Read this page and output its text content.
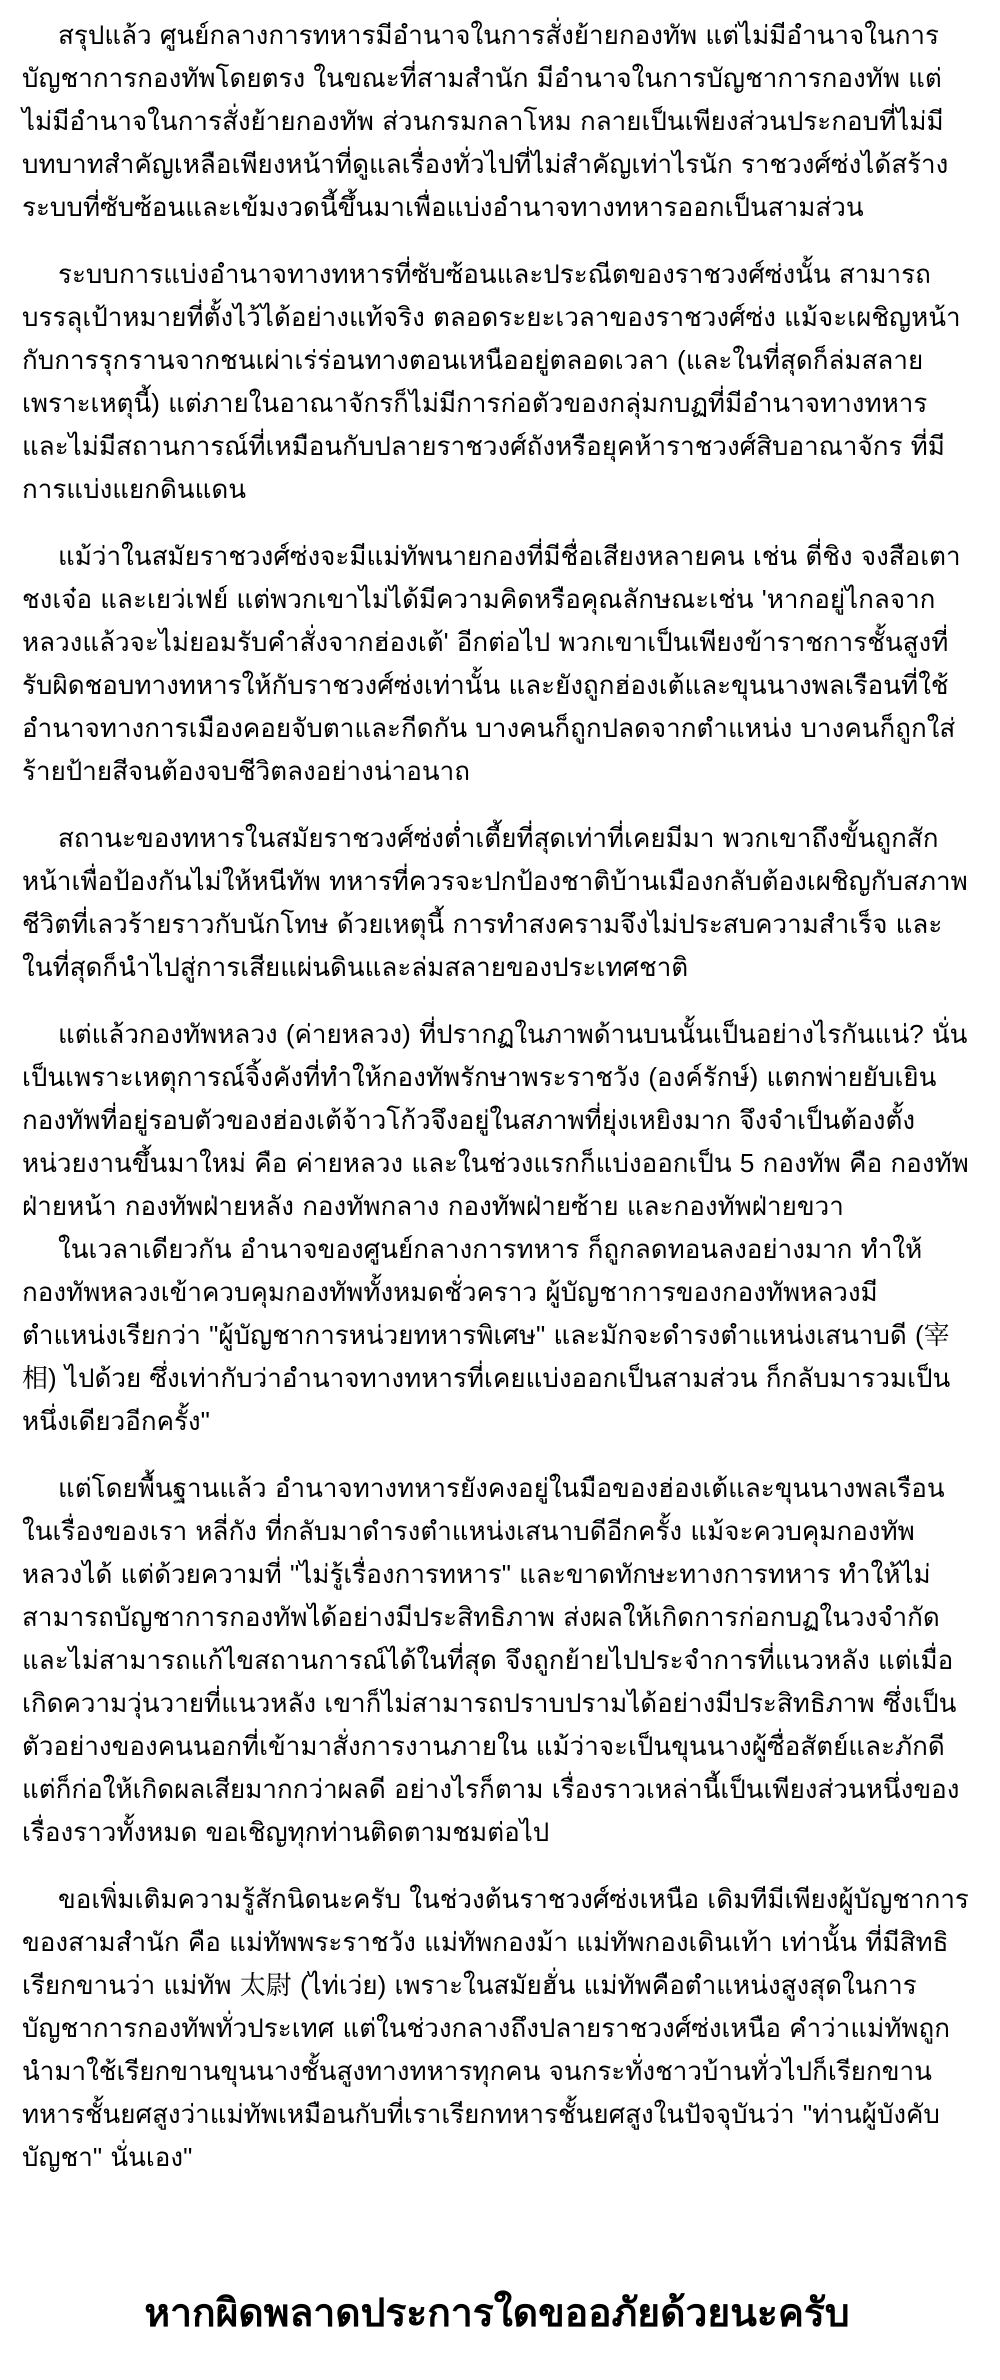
สรุปแล้ว ศูนย์กลางการทหารมีอำนาจในการสั่งย้ายกองทัพ แต่ไม่มีอำนาจในการบัญชาการกองทัพโดยตรง ในขณะที่สามสำนัก มีอำนาจในการบัญชาการกองทัพ แต่ไม่มีอำนาจในการสั่งย้ายกองทัพ ส่วนกรมกลาโหม กลายเป็นเพียงส่วนประกอบที่ไม่มีบทบาทสำคัญเหลือเพียงหน้าที่ดูแลเรื่องทั่วไปที่ไม่สำคัญเท่าไรนัก ราชวงศ์ซ่งได้สร้างระบบที่ซับซ้อนและเข้มงวดนี้ขึ้นมาเพื่อแบ่งอำนาจทางทหารออกเป็นสามส่วน

ระบบการแบ่งอำนาจทางทหารที่ซับซ้อนและประณีตของราชวงศ์ซ่งนั้น สามารถบรรลุเป้าหมายที่ตั้งไว้ได้อย่างแท้จริง ตลอดระยะเวลาของราชวงศ์ซ่ง แม้จะเผชิญหน้ากับการรุกรานจากชนเผ่าเร่ร่อนทางตอนเหนืออยู่ตลอดเวลา (และในที่สุดก็ล่มสลายเพราะเหตุนี้) แต่ภายในอาณาจักรก็ไม่มีการก่อตัวของกลุ่มกบฏที่มีอำนาจทางทหาร และไม่มีสถานการณ์ที่เหมือนกับปลายราชวงศ์ถังหรือยุคห้าราชวงศ์สิบอาณาจักร ที่มีการแบ่งแยกดินแดน

แม้ว่าในสมัยราชวงศ์ซ่งจะมีแม่ทัพนายกองที่มีชื่อเสียงหลายคน เช่น ตี่ชิง จงสือเตา ชงเจ๋อ และเยว่เฟย์ แต่พวกเขาไม่ได้มีความคิดหรือคุณลักษณะเช่น 'หากอยู่ไกลจากหลวงแล้วจะไม่ยอมรับคำสั่งจากฮ่องเต้' อีกต่อไป พวกเขาเป็นเพียงข้าราชการชั้นสูงที่รับผิดชอบทางทหารให้กับราชวงศ์ซ่งเท่านั้น และยังถูกฮ่องเต้และขุนนางพลเรือนที่ใช้อำนาจทางการเมืองคอยจับตาและกีดกัน บางคนก็ถูกปลดจากตำแหน่ง บางคนก็ถูกใส่ร้ายป้ายสีจนต้องจบชีวิตลงอย่างน่าอนาถ

สถานะของทหารในสมัยราชวงศ์ซ่งต่ำเตี้ยที่สุดเท่าที่เคยมีมา พวกเขาถึงขั้นถูกสักหน้าเพื่อป้องกันไม่ให้หนีทัพ ทหารที่ควรจะปกป้องชาติบ้านเมืองกลับต้องเผชิญกับสภาพชีวิตที่เลวร้ายราวกับนักโทษ ด้วยเหตุนี้ การทำสงครามจึงไม่ประสบความสำเร็จ และในที่สุดก็นำไปสู่การเสียแผ่นดินและล่มสลายของประเทศชาติ

แต่แล้วกองทัพหลวง (ค่ายหลวง) ที่ปรากฏในภาพด้านบนนั้นเป็นอย่างไรกันแน่? นั่นเป็นเพราะเหตุการณ์จิ้งคังที่ทำให้กองทัพรักษาพระราชวัง (องค์รักษ์) แตกพ่ายยับเยิน กองทัพที่อยู่รอบตัวของฮ่องเต้จ้าวโก้วจึงอยู่ในสภาพที่ยุ่งเหยิงมาก จึงจำเป็นต้องตั้งหน่วยงานขึ้นมาใหม่ คือ ค่ายหลวง และในช่วงแรกก็แบ่งออกเป็น 5 กองทัพ คือ กองทัพฝ่ายหน้า กองทัพฝ่ายหลัง กองทัพกลาง กองทัพฝ่ายซ้าย และกองทัพฝ่ายขวา

ในเวลาเดียวกัน อำนาจของศูนย์กลางการทหาร ก็ถูกลดทอนลงอย่างมาก ทำให้กองทัพหลวงเข้าควบคุมกองทัพทั้งหมดชั่วคราว ผู้บัญชาการของกองทัพหลวงมีตำแหน่งเรียกว่า "ผู้บัญชาการหน่วยทหารพิเศษ" และมักจะดำรงตำแหน่งเสนาบดี (宰相) ไปด้วย ซึ่งเท่ากับว่าอำนาจทางทหารที่เคยแบ่งออกเป็นสามส่วน ก็กลับมารวมเป็นหนึ่งเดียวอีกครั้ง"

แต่โดยพื้นฐานแล้ว อำนาจทางทหารยังคงอยู่ในมือของฮ่องเต้และขุนนางพลเรือน ในเรื่องของเรา หลี่กัง ที่กลับมาดำรงตำแหน่งเสนาบดีอีกครั้ง แม้จะควบคุมกองทัพหลวงได้ แต่ด้วยความที่ "ไม่รู้เรื่องการทหาร" และขาดทักษะทางการทหาร ทำให้ไม่สามารถบัญชาการกองทัพได้อย่างมีประสิทธิภาพ ส่งผลให้เกิดการก่อกบฏในวงจำกัด และไม่สามารถแก้ไขสถานการณ์ได้ในที่สุด จึงถูกย้ายไปประจำการที่แนวหลัง แต่เมื่อเกิดความวุ่นวายที่แนวหลัง เขาก็ไม่สามารถปราบปรามได้อย่างมีประสิทธิภาพ ซึ่งเป็นตัวอย่างของคนนอกที่เข้ามาสั่งการงานภายใน แม้ว่าจะเป็นขุนนางผู้ซื่อสัตย์และภักดี แต่ก็ก่อให้เกิดผลเสียมากกว่าผลดี อย่างไรก็ตาม เรื่องราวเหล่านี้เป็นเพียงส่วนหนึ่งของเรื่องราวทั้งหมด ขอเชิญทุกท่านติดตามชมต่อไป

ขอเพิ่มเติมความรู้สักนิดนะครับ ในช่วงต้นราชวงศ์ซ่งเหนือ เดิมทีมีเพียงผู้บัญชาการของสามสำนัก คือ แม่ทัพพระราชวัง แม่ทัพกองม้า แม่ทัพกองเดินเท้า เท่านั้น ที่มีสิทธิเรียกขานว่า แม่ทัพ 太尉 (ไท่เว่ย) เพราะในสมัยฮั่น แม่ทัพคือตำแหน่งสูงสุดในการบัญชาการกองทัพทั่วประเทศ แต่ในช่วงกลางถึงปลายราชวงศ์ซ่งเหนือ คำว่าแม่ทัพถูกนำมาใช้เรียกขานขุนนางชั้นสูงทางทหารทุกคน จนกระทั่งชาวบ้านทั่วไปก็เรียกขานทหารชั้นยศสูงว่าแม่ทัพเหมือนกับที่เราเรียกทหารชั้นยศสูงในปัจจุบันว่า "ท่านผู้บังคับบัญชา" นั่นเอง"

หากผิดพลาดประการใดขออภัยด้วยนะครับ
